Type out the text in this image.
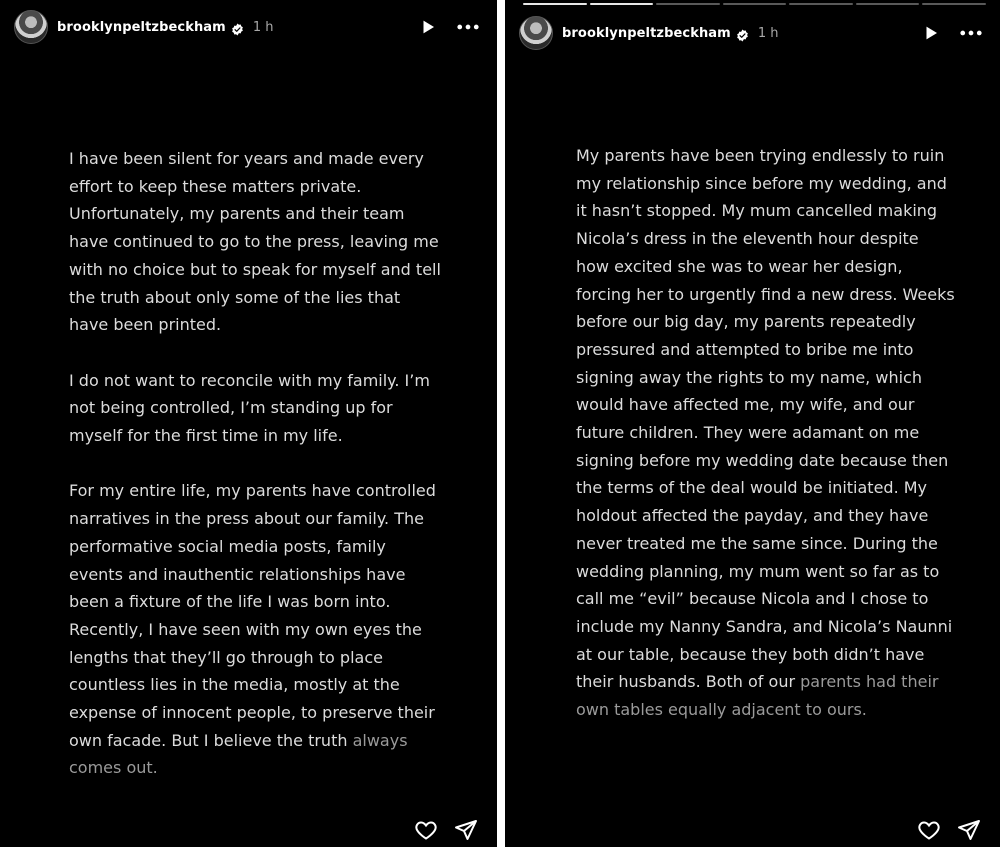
brooklynpeltzbeckham 1 h

I have been silent for years and made every effort to keep these matters private. Unfortunately, my parents and their team have continued to go to the press, leaving me with no choice but to speak for myself and tell the truth about only some of the lies that have been printed.

I do not want to reconcile with my family. I’m not being controlled, I’m standing up for myself for the first time in my life.

For my entire life, my parents have controlled narratives in the press about our family. The performative social media posts, family events and inauthentic relationships have been a fixture of the life I was born into. Recently, I have seen with my own eyes the lengths that they’ll go through to place countless lies in the media, mostly at the expense of innocent people, to preserve their own facade. But I believe the truth always comes out.

brooklynpeltzbeckham 1 h

My parents have been trying endlessly to ruin my relationship since before my wedding, and it hasn’t stopped. My mum cancelled making Nicola’s dress in the eleventh hour despite how excited she was to wear her design, forcing her to urgently find a new dress. Weeks before our big day, my parents repeatedly pressured and attempted to bribe me into signing away the rights to my name, which would have affected me, my wife, and our future children. They were adamant on me signing before my wedding date because then the terms of the deal would be initiated. My holdout affected the payday, and they have never treated me the same since. During the wedding planning, my mum went so far as to call me “evil” because Nicola and I chose to include my Nanny Sandra, and Nicola’s Naunni at our table, because they both didn’t have their husbands. Both of our parents had their own tables equally adjacent to ours.
